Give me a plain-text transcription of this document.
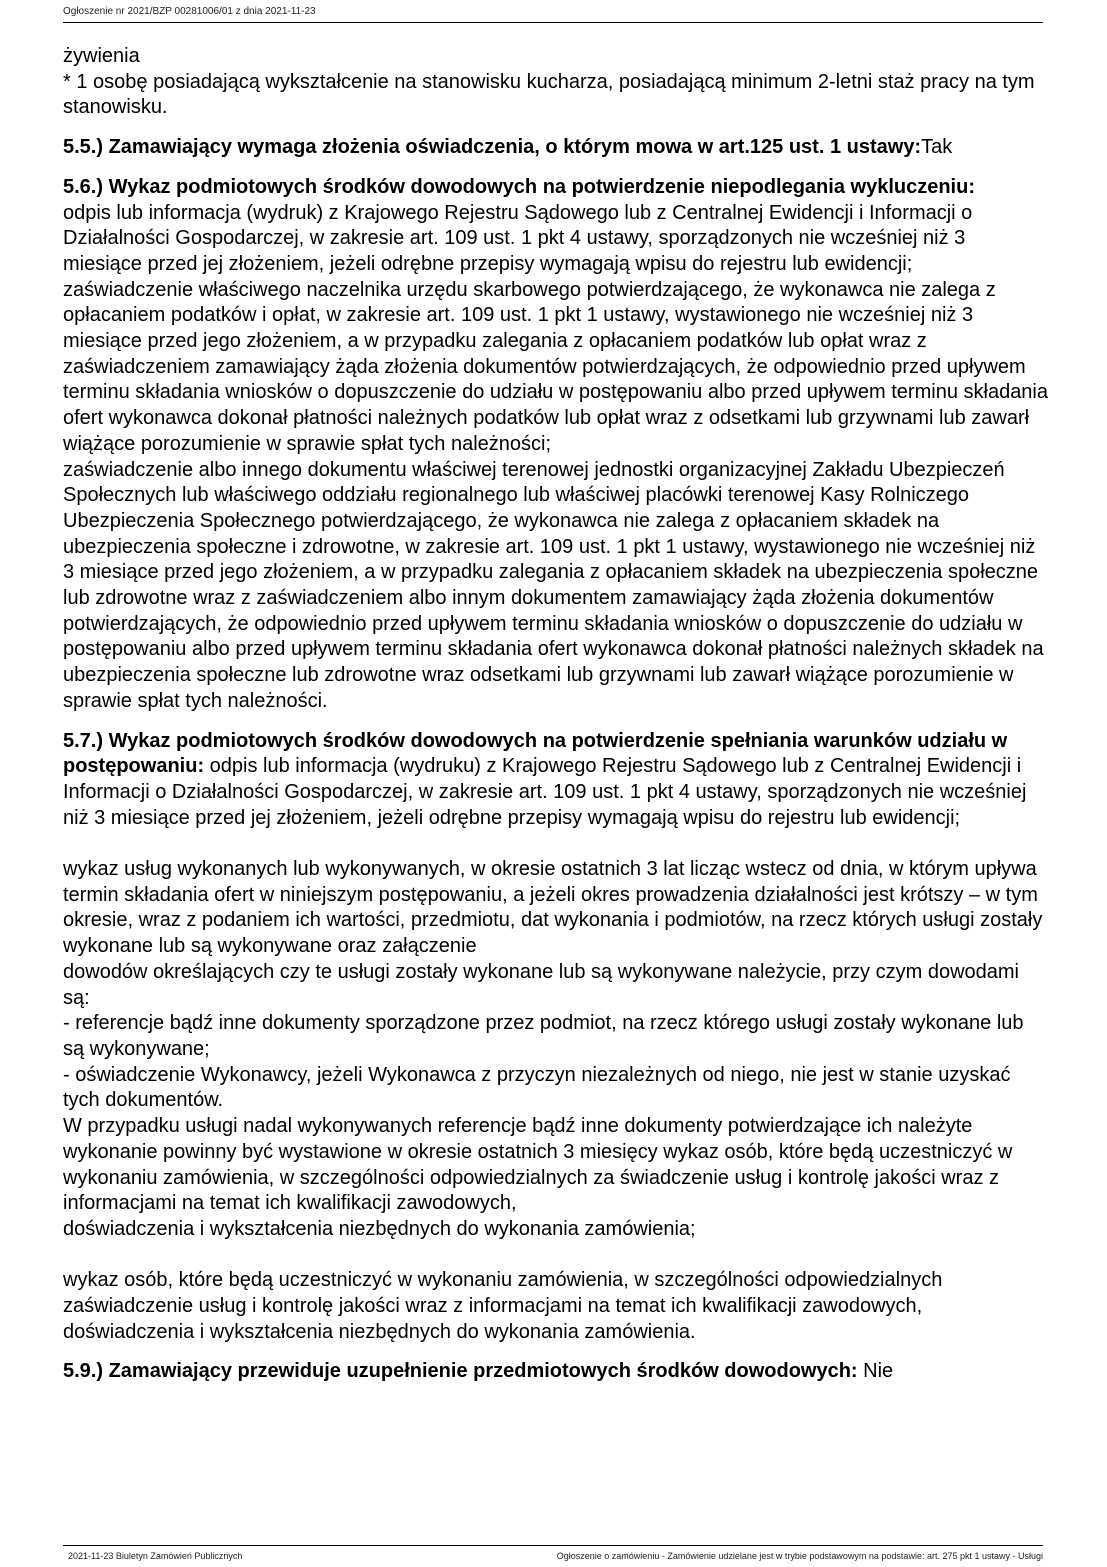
Ogłoszenie nr 2021/BZP 00281006/01 z dnia 2021-11-23

żywienia

* 1 osobę posiadającą wykształcenie na stanowisku kucharza, posiadającą minimum 2-letni staż pracy na tym stanowisku.

5.5.) Zamawiający wymaga złożenia oświadczenia, o którym mowa w art.125 ust. 1 ustawy:Tak

5.6.) Wykaz podmiotowych środków dowodowych na potwierdzenie niepodlegania wykluczeniu:

odpis lub informacja (wydruk) z Krajowego Rejestru Sądowego lub z Centralnej Ewidencji i Informacji o Działalności Gospodarczej, w zakresie art. 109 ust. 1 pkt 4 ustawy, sporządzonych nie wcześniej niż 3 miesiące przed jej złożeniem, jeżeli odrębne przepisy wymagają wpisu do rejestru lub ewidencji;

zaświadczenie właściwego naczelnika urzędu skarbowego potwierdzającego, że wykonawca nie zalega z opłacaniem podatków i opłat, w zakresie art. 109 ust. 1 pkt 1 ustawy, wystawionego nie wcześniej niż 3 miesiące przed jego złożeniem, a w przypadku zalegania z opłacaniem podatków lub opłat wraz z zaświadczeniem zamawiający żąda złożenia dokumentów potwierdzających, że odpowiednio przed upływem terminu składania wniosków o dopuszczenie do udziału w postępowaniu albo przed upływem terminu składania ofert wykonawca dokonał płatności należnych podatków lub opłat wraz z odsetkami lub grzywnami lub zawarł wiążące porozumienie w sprawie spłat tych należności;

zaświadczenie albo innego dokumentu właściwej terenowej jednostki organizacyjnej Zakładu Ubezpieczeń Społecznych lub właściwego oddziału regionalnego lub właściwej placówki terenowej Kasy Rolniczego Ubezpieczenia Społecznego potwierdzającego, że wykonawca nie zalega z opłacaniem składek na ubezpieczenia społeczne i zdrowotne, w zakresie art. 109 ust. 1 pkt 1 ustawy, wystawionego nie wcześniej niż 3 miesiące przed jego złożeniem, a w przypadku zalegania z opłacaniem składek na ubezpieczenia społeczne lub zdrowotne wraz z zaświadczeniem albo innym dokumentem zamawiający żąda złożenia dokumentów potwierdzających, że odpowiednio przed upływem terminu składania wniosków o dopuszczenie do udziału w postępowaniu albo przed upływem terminu składania ofert wykonawca dokonał płatności należnych składek na ubezpieczenia społeczne lub zdrowotne wraz odsetkami lub grzywnami lub zawarł wiążące porozumienie w sprawie spłat tych należności.

5.7.) Wykaz podmiotowych środków dowodowych na potwierdzenie spełniania warunków udziału w postępowaniu: odpis lub informacja (wydruku) z Krajowego Rejestru Sądowego lub z Centralnej Ewidencji i Informacji o Działalności Gospodarczej, w zakresie art. 109 ust. 1 pkt 4 ustawy, sporządzonych nie wcześniej niż 3 miesiące przed jej złożeniem, jeżeli odrębne przepisy wymagają wpisu do rejestru lub ewidencji;

wykaz usług wykonanych lub wykonywanych, w okresie ostatnich 3 lat licząc wstecz od dnia, w którym upływa termin składania ofert w niniejszym postępowaniu, a jeżeli okres prowadzenia działalności jest krótszy – w tym okresie, wraz z podaniem ich wartości, przedmiotu, dat wykonania i podmiotów, na rzecz których usługi zostały wykonane lub są wykonywane oraz załączenie

dowodów określających czy te usługi zostały wykonane lub są wykonywane należycie, przy czym dowodami są:

- referencje bądź inne dokumenty sporządzone przez podmiot, na rzecz którego usługi zostały wykonane lub są wykonywane;

- oświadczenie Wykonawcy, jeżeli Wykonawca z przyczyn niezależnych od niego, nie jest w stanie uzyskać tych dokumentów.

W przypadku usługi nadal wykonywanych referencje bądź inne dokumenty potwierdzające ich należyte wykonanie powinny być wystawione w okresie ostatnich 3 miesięcy wykaz osób, które będą uczestniczyć w wykonaniu zamówienia, w szczególności odpowiedzialnych za świadczenie usług i kontrolę jakości wraz z informacjami na temat ich kwalifikacji zawodowych,

doświadczenia i wykształcenia niezbędnych do wykonania zamówienia;

wykaz osób, które będą uczestniczyć w wykonaniu zamówienia, w szczególności odpowiedzialnych zaświadczenie usług i kontrolę jakości wraz z informacjami na temat ich kwalifikacji zawodowych, doświadczenia i wykształcenia niezbędnych do wykonania zamówienia.

5.9.) Zamawiający przewiduje uzupełnienie przedmiotowych środków dowodowych: Nie

2021-11-23 Biuletyn Zamówień Publicznych	Ogłoszenie o zamówieniu - Zamówienie udzielane jest w trybie podstawowym na podstawie: art. 275 pkt 1 ustawy - Usługi
